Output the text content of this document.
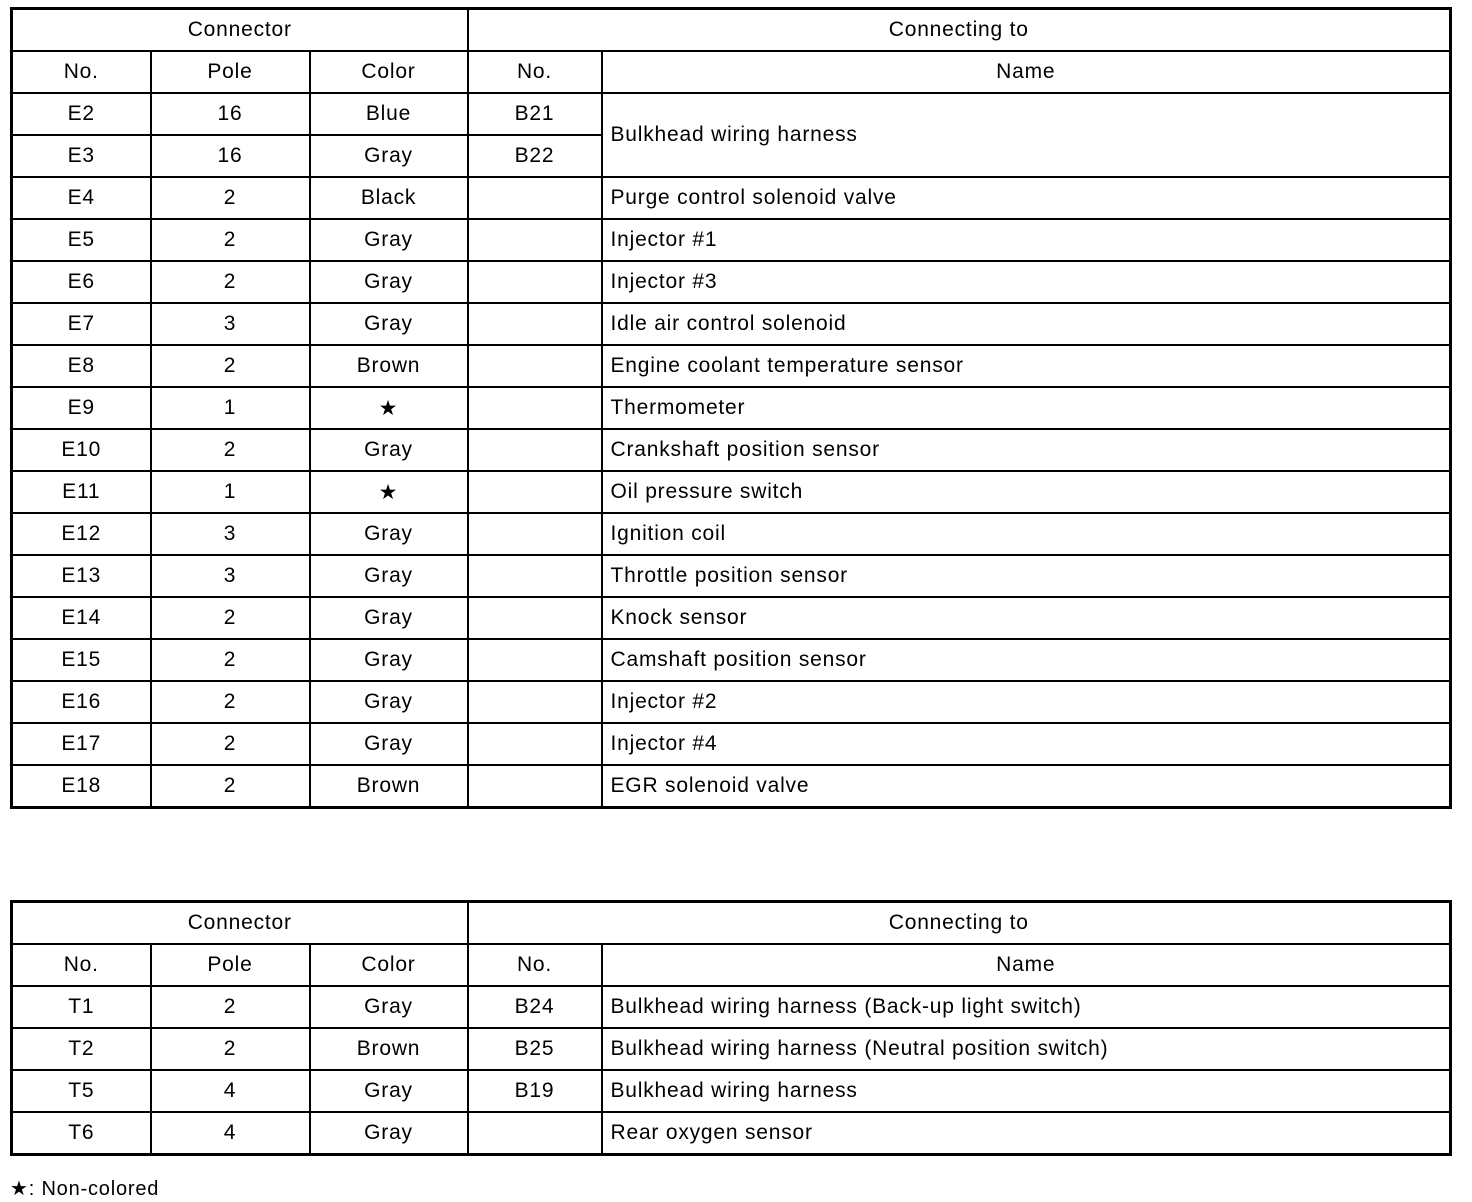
Connector			Connecting to	
No.	Pole	Color	No.	Name
E2	16	Blue	B21	Bulkhead wiring harness
E3	16	Gray	B22	
E4	2	Black		Purge control solenoid valve
E5	2	Gray		Injector #1
E6	2	Gray		Injector #3
E7	3	Gray		Idle air control solenoid
E8	2	Brown		Engine coolant temperature sensor
E9	1	★		Thermometer
E10	2	Gray		Crankshaft position sensor
E11	1	★		Oil pressure switch
E12	3	Gray		Ignition coil
E13	3	Gray		Throttle position sensor
E14	2	Gray		Knock sensor
E15	2	Gray		Camshaft position sensor
E16	2	Gray		Injector #2
E17	2	Gray		Injector #4
E18	2	Brown		EGR solenoid valve
Connector			Connecting to	
No.	Pole	Color	No.	Name
T1	2	Gray	B24	Bulkhead wiring harness (Back-up light switch)
T2	2	Brown	B25	Bulkhead wiring harness (Neutral position switch)
T5	4	Gray	B19	Bulkhead wiring harness
T6	4	Gray		Rear oxygen sensor
★: Non-colored
